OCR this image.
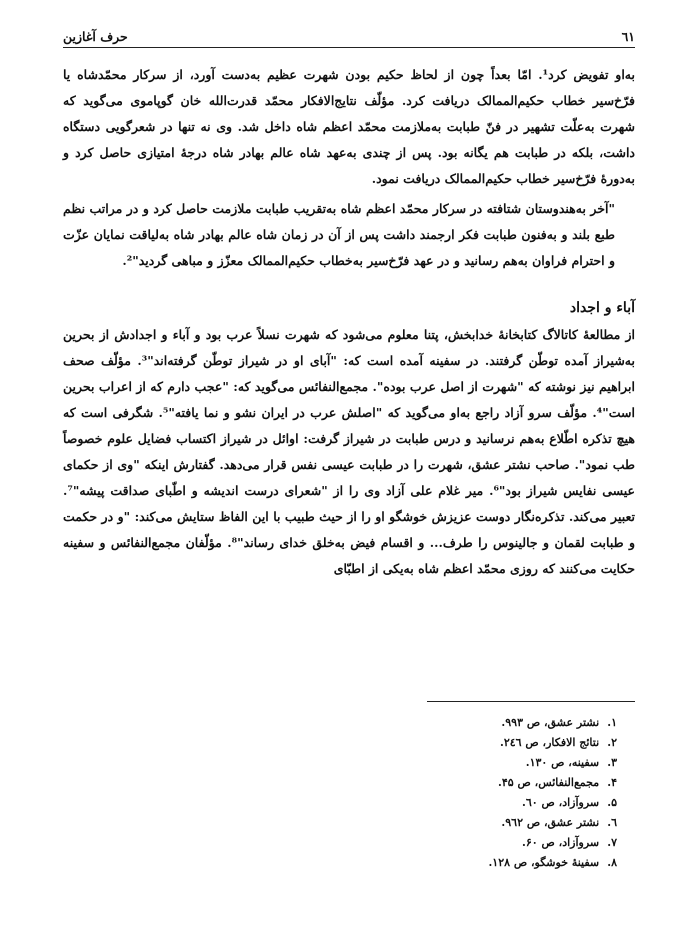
حرف آغازین	٦١

به‌او تفویض کرد¹. امّا بعداً چون از لحاظ حکیم بودن شهرت عظیم به‌دست آورد، از سرکار محمّدشاه یا فرّخ‌سیر خطاب حکیم‌الممالک دریافت کرد. مؤلّف نتایج‌الافکار محمّد قدرت‌الله خان گوپاموی می‌گوید که شهرت به‌علّت تشهیر در فنّ طبابت به‌ملازمت محمّد اعظم شاه داخل شد. وی نه تنها در شعرگویی دستگاه داشت، بلکه در طبابت هم یگانه بود. پس از چندی به‌عهد شاه عالم بهادر شاه درجهٔ امتیازی حاصل کرد و به‌دورهٔ فرّخ‌سیر خطاب حکیم‌الممالک دریافت نمود.

"آخر به‌هندوستان شتافته در سرکار محمّد اعظم شاه به‌تقریب طبابت ملازمت حاصل کرد و در مراتب نظم طبع بلند و به‌فنون طبابت فکر ارجمند داشت پس از آن در زمان شاه عالم بهادر شاه به‌لیاقت نمایان عزّت و احترام فراوان به‌هم رسانید و در عهد فرّخ‌سیر به‌خطاب حکیم‌الممالک معزّز و مباهی گردید"².

آباء و اجداد

از مطالعهٔ کاتالاگ کتابخانهٔ خدابخش، پتنا معلوم می‌شود که شهرت نسلاً عرب بود و آباء و اجدادش از بحرین به‌شیراز آمده توطّن گرفتند. در سفینه آمده است که: "آبای او در شیراز توطّن گرفته‌اند"³. مؤلّف صحف ابراهیم نیز نوشته که "شهرت از اصل عرب بوده". مجمع‌النفائس می‌گوید که: "عجب دارم که از اعراب بحرین است"⁴. مؤلّف سرو آزاد راجع به‌او می‌گوید که "اصلش عرب در ایران نشو و نما یافته"⁵. شگرفی است که هیچ تذکره اطّلاع به‌هم نرسانید و درس طبابت در شیراز گرفت: اوائل در شیراز اکتساب فضایل علوم خصوصاً طب نمود". صاحب نشتر عشق، شهرت را در طبابت عیسی نفس قرار می‌دهد. گفتارش اینکه "وی از حکمای عیسی نفایس شیراز بود"⁶. میر غلام علی آزاد وی را از "شعرای درست اندیشه و اطّبای صداقت پیشه"⁷. تعبیر می‌کند. تذکره‌نگار دوست عزیزش خوشگو او را از حیث طبیب با این الفاظ ستایش می‌کند: "و در حکمت و طبابت لقمان و جالینوس را طرف... و اقسام فیض به‌خلق خدای رساند"⁸. مؤلّفان مجمع‌النفائس و سفینه حکایت می‌کنند که روزی محمّد اعظم شاه به‌یکی از اطبّای

١. نشتر عشق، ص ٩٩٣.
٢. نتائج الافکار، ص ٢٤٦.
٣. سفینه، ص ١٣٠.
۴. مجمع‌النفائس، ص ۴۵.
۵. سروآزاد، ص ٦٠.
٦. نشتر عشق، ص ٩٦٢.
٧. سروآزاد، ص ۶٠.
٨. سفینهٔ خوشگو، ص ١٢٨.
